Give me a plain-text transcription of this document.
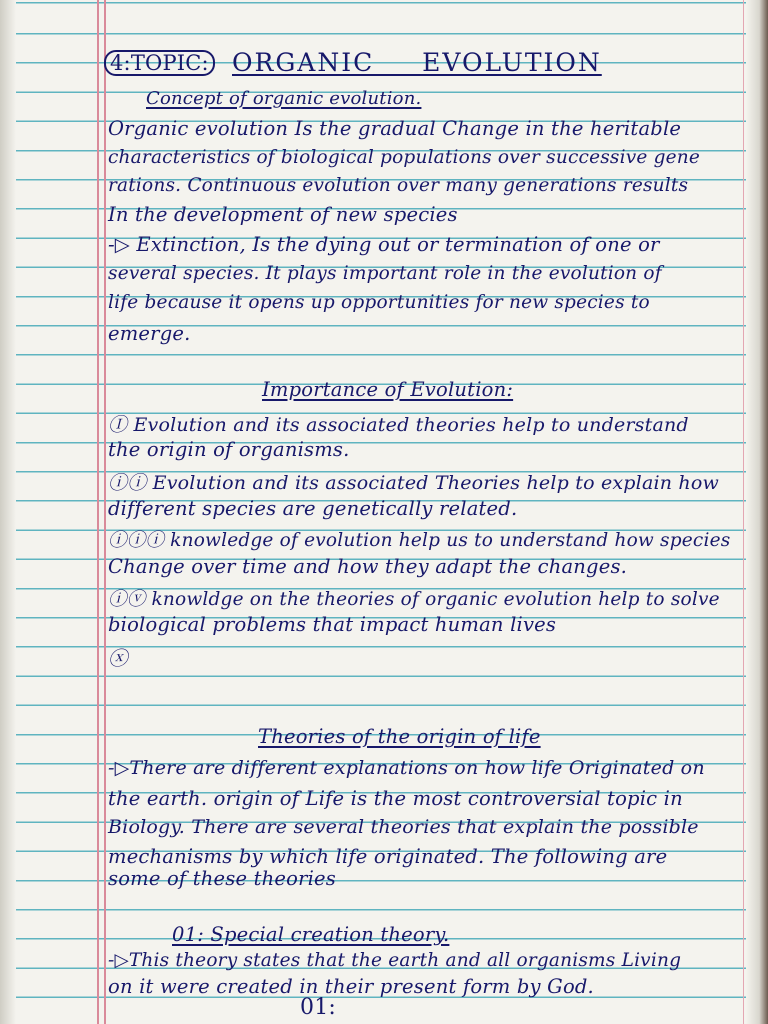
4:TOPIC: ORGANIC EVOLUTION
Concept of organic evolution.
Organic evolution Is the gradual Change in the heritable
characteristics of biological populations over successive gene
rations. Continuous evolution over many generations results
In the development of new species
-▷ Extinction, Is the dying out or termination of one or
several species. It plays important role in the evolution of
life because it opens up opportunities for new species to
emerge.
Importance of Evolution:
Ⓘ Evolution and its associated theories help to understand
the origin of organisms.
ⓘⓘ Evolution and its associated Theories help to explain how
different species are genetically related.
ⓘⓘⓘ knowledge of evolution help us to understand how species
Change over time and how they adapt the changes.
ⓘⓥ knowldge on the theories of organic evolution help to solve
biological problems that impact human lives
ⓧ
Theories of the origin of life
-▷There are different explanations on how life Originated on
the earth. origin of Life is the most controversial topic in
Biology. There are several theories that explain the possible
mechanisms by which life originated. The following are
some of these theories
01: Special creation theory.
-▷This theory states that the earth and all organisms Living
on it were created in their present form by God.
01:
